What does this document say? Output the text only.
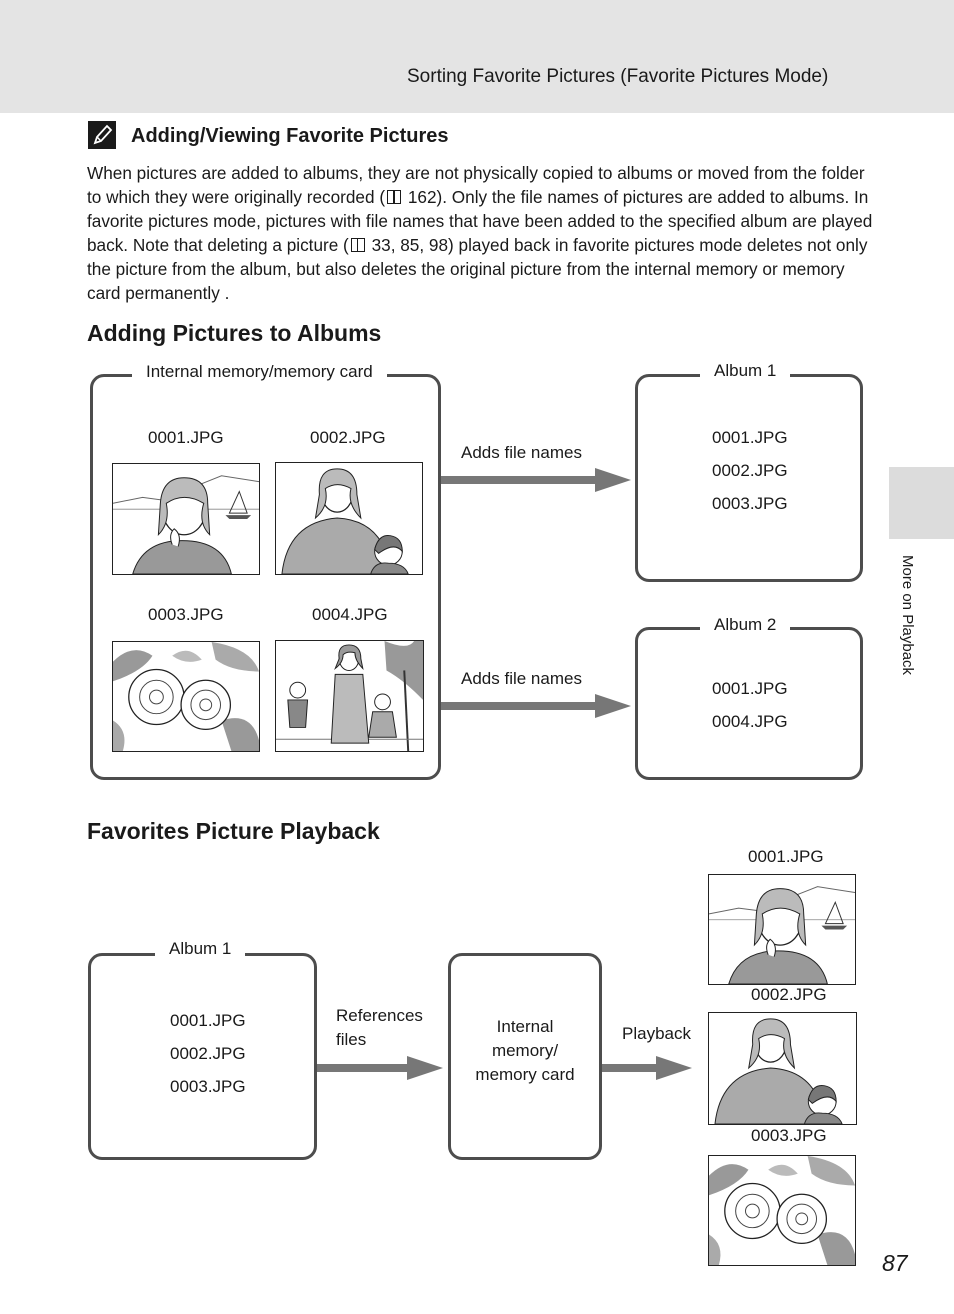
Sorting Favorite Pictures (Favorite Pictures Mode)
More on Playback
Adding/Viewing Favorite Pictures

When pictures are added to albums, they are not physically copied to albums or moved from the folder to which they were originally recorded ( 162). Only the file names of pictures are added to albums. In favorite pictures mode, pictures with file names that have been added to the specified album are played back. Note that deleting a picture ( 33, 85, 98) played back in favorite pictures mode deletes not only the picture from the album, but also deletes the original picture from the internal memory or memory card permanently .

Adding Pictures to Albums
Internal memory/memory card
0001.JPG	0002.JPG
0003.JPG	0004.JPG
Adds file names
Adds file names
Album 1
0001.JPG
0002.JPG
0003.JPG
Album 2
0001.JPG
0004.JPG
Favorites Picture Playback
Album 1
0001.JPG
0002.JPG
0003.JPG
References
files
Internal
memory/
memory card
Playback
0001.JPG
0002.JPG
0003.JPG
87
